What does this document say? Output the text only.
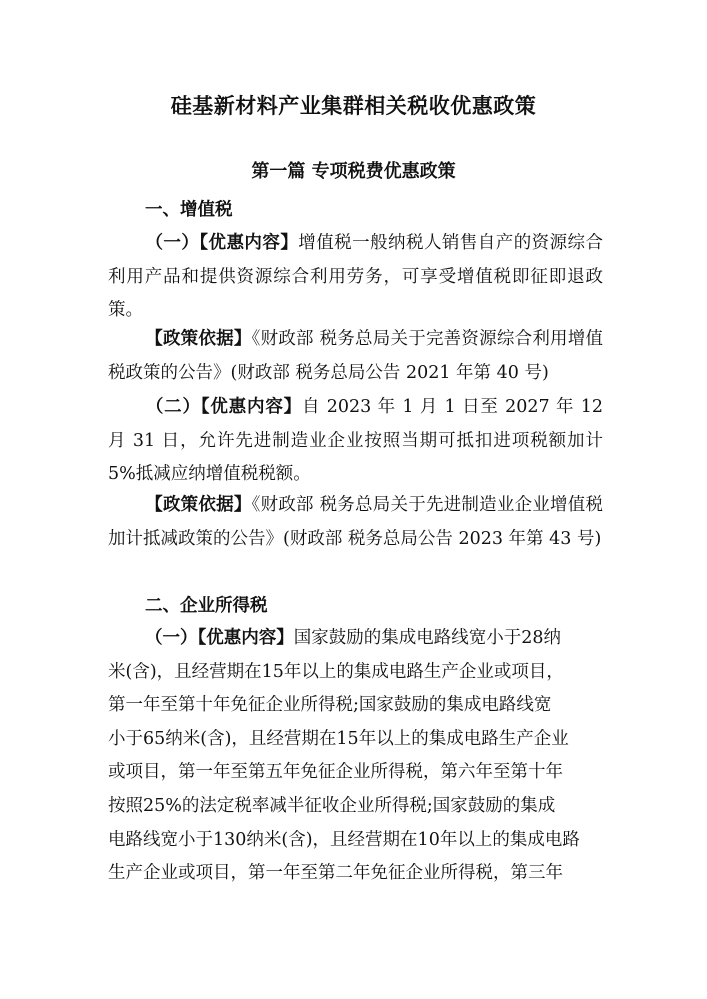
硅基新材料产业集群相关税收优惠政策
第一篇 专项税费优惠政策
一、增值税
（一）【优惠内容】增值税一般纳税人销售自产的资源综合利用产品和提供资源综合利用劳务，可享受增值税即征即退政策。
【政策依据】《财政部 税务总局关于完善资源综合利用增值税政策的公告》(财政部 税务总局公告 2021 年第 40 号)
（二）【优惠内容】自 2023 年 1 月 1 日至 2027 年 12 月 31 日，允许先进制造业企业按照当期可抵扣进项税额加计 5%抵减应纳增值税税额。
【政策依据】《财政部 税务总局关于先进制造业企业增值税加计抵减政策的公告》(财政部 税务总局公告 2023 年第 43 号)
二、企业所得税
（一）【优惠内容】国家鼓励的集成电路线宽小于28纳
米(含)，且经营期在15年以上的集成电路生产企业或项目，
第一年至第十年免征企业所得税;国家鼓励的集成电路线宽
小于65纳米(含)，且经营期在15年以上的集成电路生产企业
或项目，第一年至第五年免征企业所得税，第六年至第十年
按照25%的法定税率减半征收企业所得税;国家鼓励的集成
电路线宽小于130纳米(含)，且经营期在10年以上的集成电路
生产企业或项目，第一年至第二年免征企业所得税，第三年
